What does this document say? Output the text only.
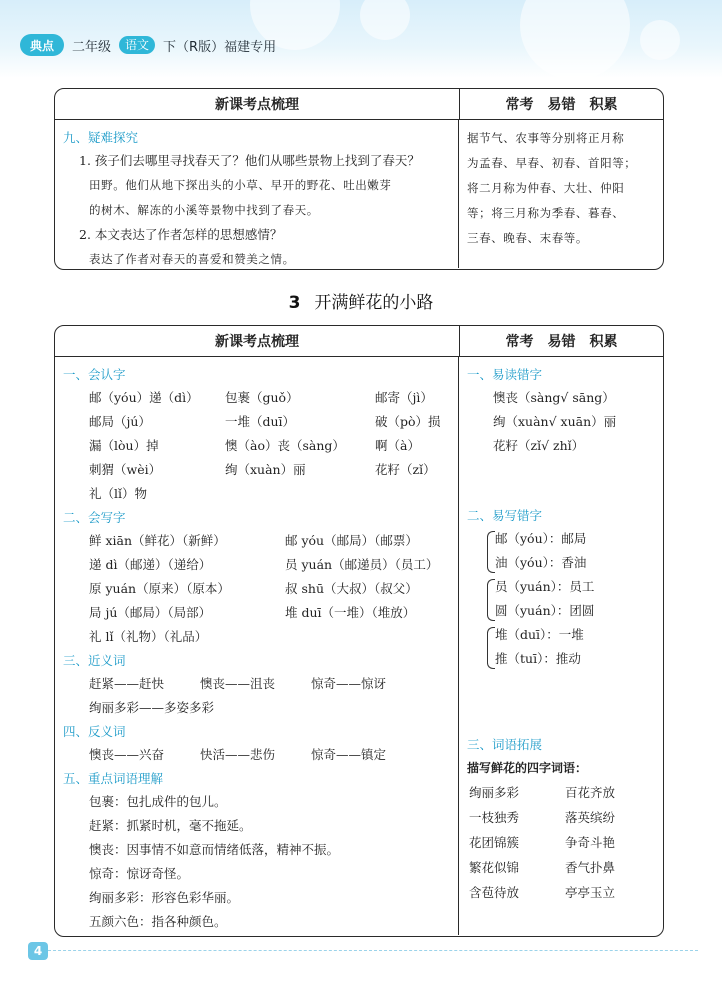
典点	二年级	语文	下（R版）福建专用
新课考点梳理	常考　易错　积累
九、疑难探究
1. 孩子们去哪里寻找春天了？他们从哪些景物上找到了春天？
田野。他们从地下探出头的小草、早开的野花、吐出嫩芽
的树木、解冻的小溪等景物中找到了春天。
2. 本文表达了作者怎样的思想感情？
表达了作者对春天的喜爱和赞美之情。
据节气、农事等分别将正月称
为孟春、早春、初春、首阳等；
将二月称为仲春、大壮、仲阳
等；将三月称为季春、暮春、
三春、晚春、末春等。
3 开满鲜花的小路
新课考点梳理	常考　易错　积累
一、会认字
邮（yóu）递（dì）	包裹（guǒ）	邮寄（jì）
邮局（jú）	一堆（duī）	破（pò）损
漏（lòu）掉	懊（ào）丧（sàng）	啊（à）
刺猬（wèi）	绚（xuàn）丽	花籽（zǐ）
礼（lǐ）物
二、会写字
鲜 xiān（鲜花）（新鲜）	邮 yóu（邮局）（邮票）
递 dì（邮递）（递给）	员 yuán（邮递员）（员工）
原 yuán（原来）（原本）	叔 shū（大叔）（叔父）
局 jú（邮局）（局部）	堆 duī（一堆）（堆放）
礼 lǐ（礼物）（礼品）
三、近义词
赶紧——赶快	懊丧——沮丧	惊奇——惊讶
绚丽多彩——多姿多彩
四、反义词
懊丧——兴奋	快活——悲伤	惊奇——镇定
五、重点词语理解
包裹：包扎成件的包儿。
赶紧：抓紧时机，毫不拖延。
懊丧：因事情不如意而情绪低落，精神不振。
惊奇：惊讶奇怪。
绚丽多彩：形容色彩华丽。
五颜六色：指各种颜色。
一、易读错字
懊丧（sàng√ sāng）
绚（xuàn√ xuān）丽
花籽（zǐ√ zhǐ）
二、易写错字
邮（yóu）：邮局
油（yóu）：香油
员（yuán）：员工
圆（yuán）：团圆
堆（duī）：一堆
推（tuī）：推动
三、词语拓展
描写鲜花的四字词语：
绚丽多彩	百花齐放
一枝独秀	落英缤纷
花团锦簇	争奇斗艳
繁花似锦	香气扑鼻
含苞待放	亭亭玉立
4
